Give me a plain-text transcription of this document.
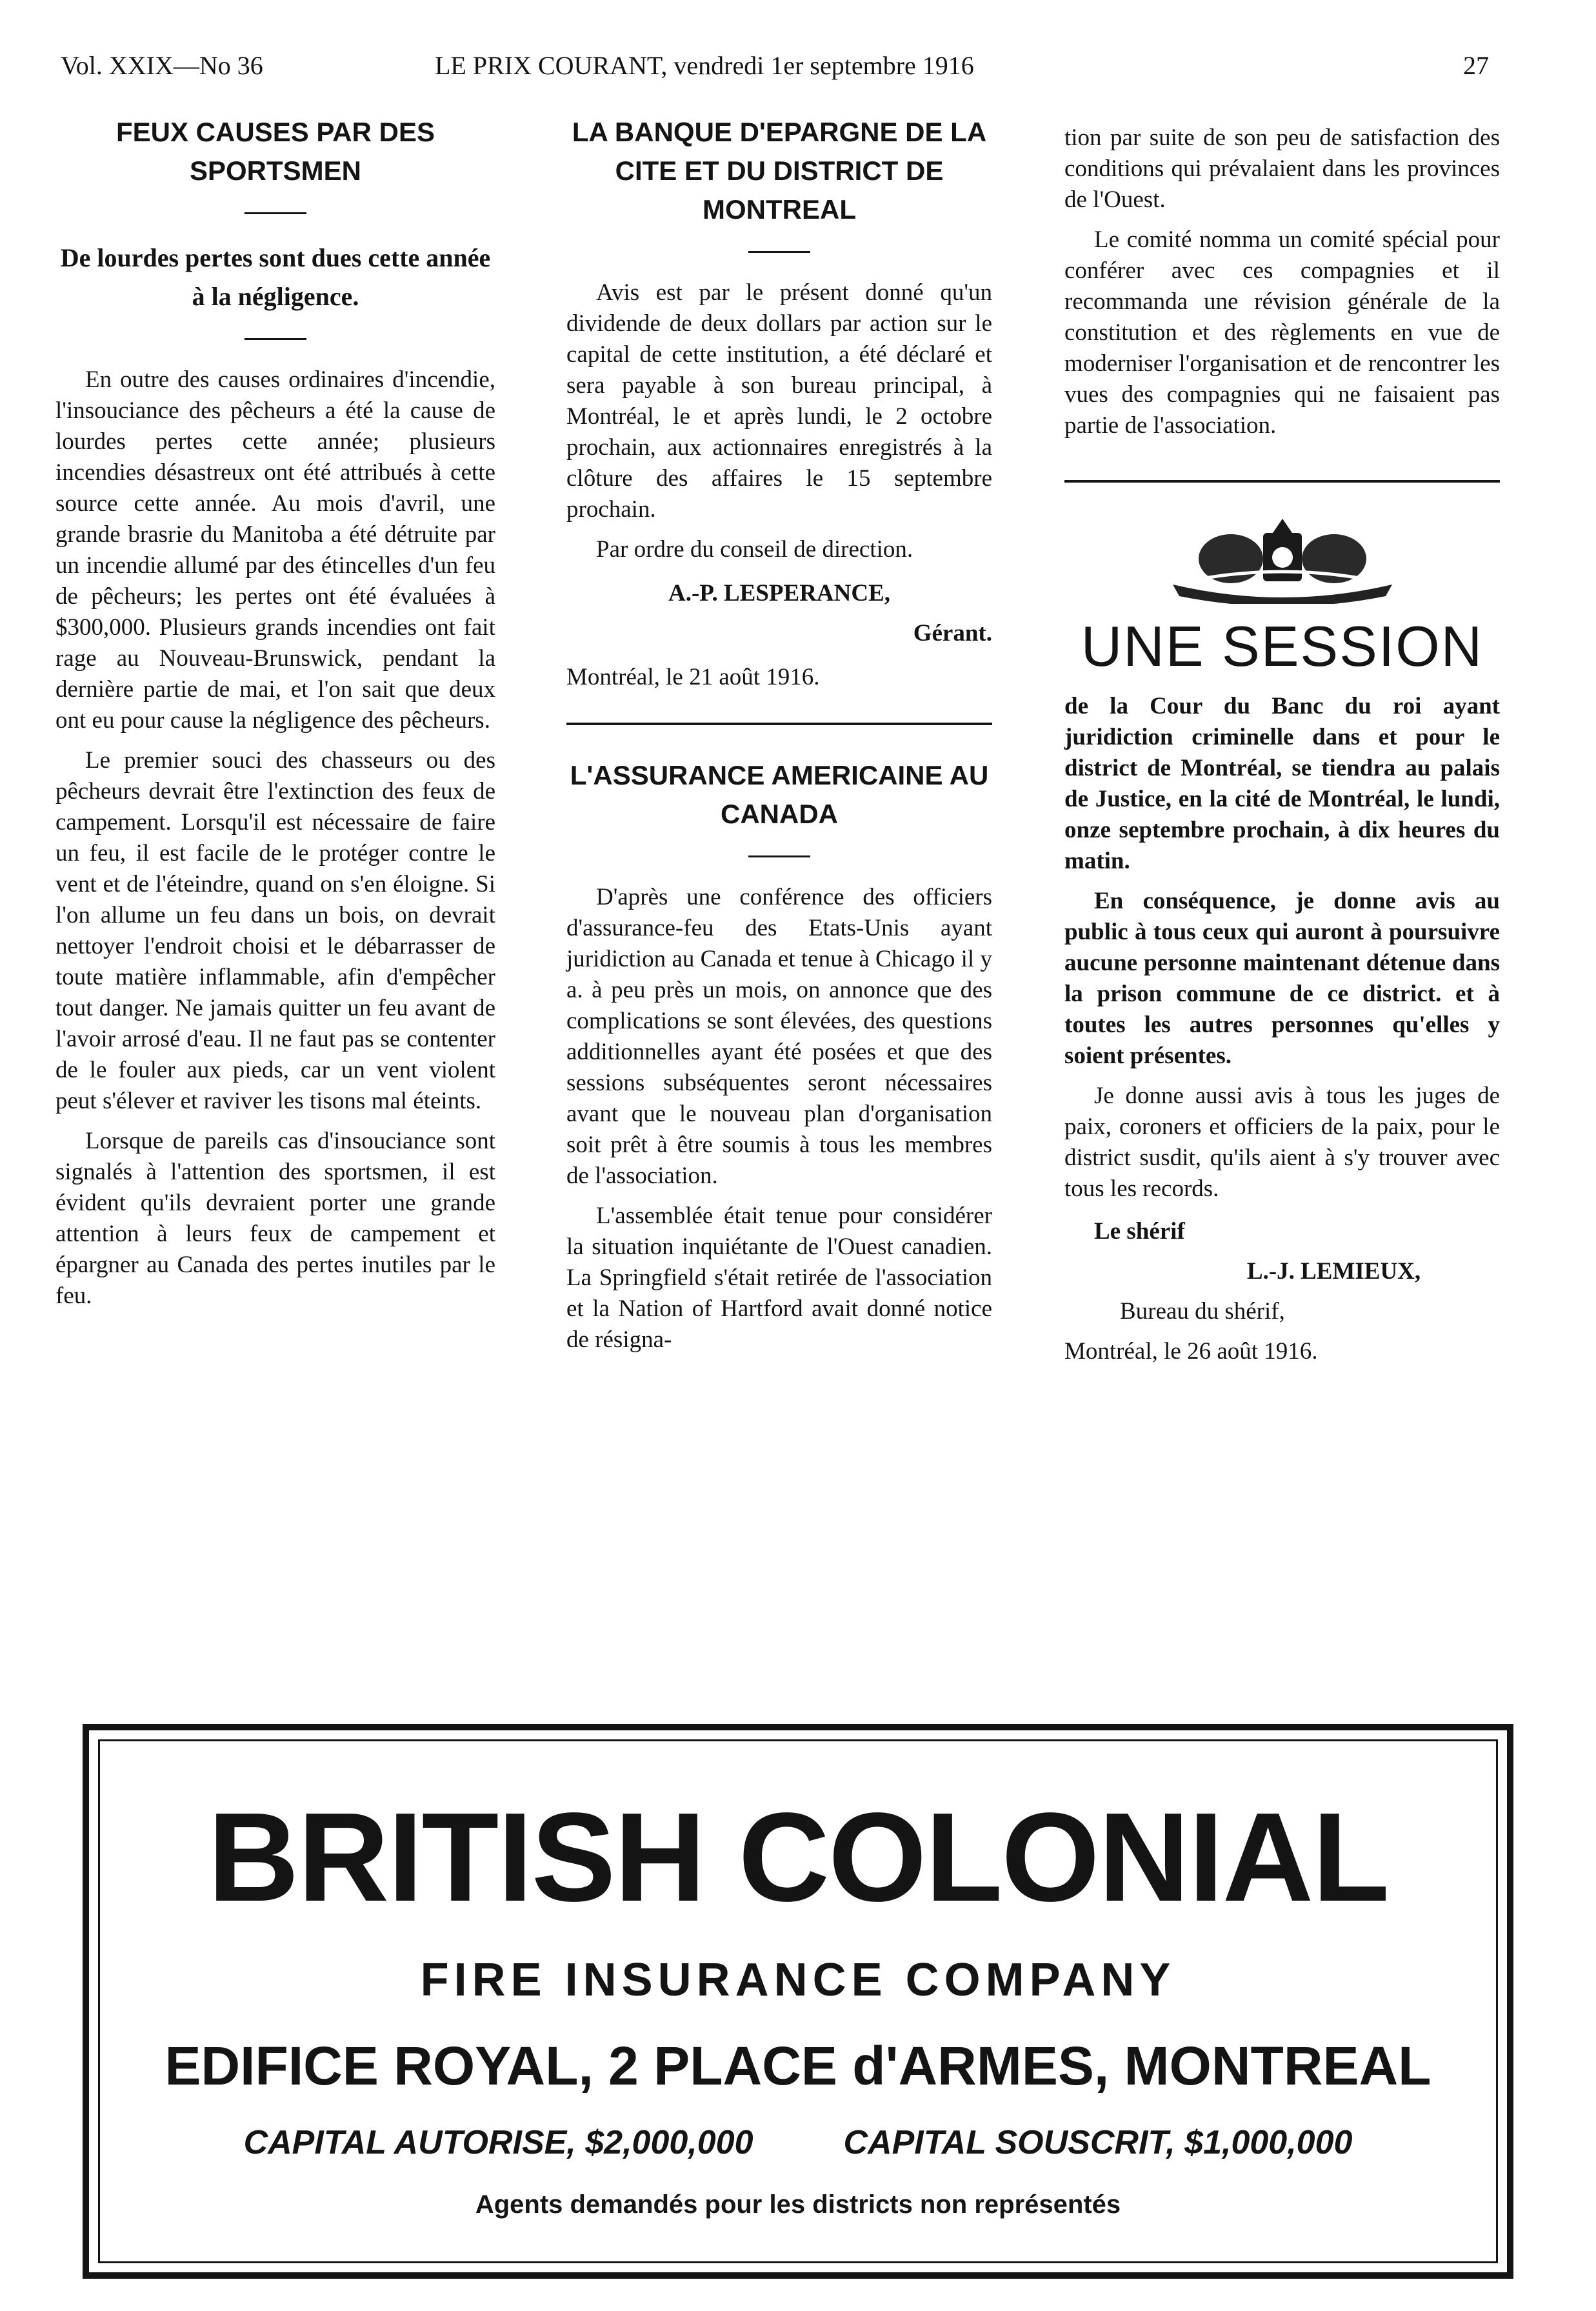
Vol. XXIX—No 36	LE PRIX COURANT, vendredi 1er septembre 1916	27
FEUX CAUSES PAR DES SPORTSMEN

De lourdes pertes sont dues cette année à la négligence.

En outre des causes ordinaires d'incendie, l'insouciance des pêcheurs a été la cause de lourdes pertes cette année; plusieurs incendies désastreux ont été attribués à cette source cette année. Au mois d'avril, une grande brasrie du Manitoba a été détruite par un incendie allumé par des étincelles d'un feu de pêcheurs; les pertes ont été évaluées à $300,000. Plusieurs grands incendies ont fait rage au Nouveau-Brunswick, pendant la dernière partie de mai, et l'on sait que deux ont eu pour cause la négligence des pêcheurs.

Le premier souci des chasseurs ou des pêcheurs devrait être l'extinction des feux de campement. Lorsqu'il est nécessaire de faire un feu, il est facile de le protéger contre le vent et de l'éteindre, quand on s'en éloigne. Si l'on allume un feu dans un bois, on devrait nettoyer l'endroit choisi et le débarrasser de toute matière inflammable, afin d'empêcher tout danger. Ne jamais quitter un feu avant de l'avoir arrosé d'eau. Il ne faut pas se contenter de le fouler aux pieds, car un vent violent peut s'élever et raviver les tisons mal éteints.

Lorsque de pareils cas d'insouciance sont signalés à l'attention des sportsmen, il est évident qu'ils devraient porter une grande attention à leurs feux de campement et épargner au Canada des pertes inutiles par le feu.

LA BANQUE D'EPARGNE DE LA CITE ET DU DISTRICT DE MONTREAL

Avis est par le présent donné qu'un dividende de deux dollars par action sur le capital de cette institution, a été déclaré et sera payable à son bureau principal, à Montréal, le et après lundi, le 2 octobre prochain, aux actionnaires enregistrés à la clôture des affaires le 15 septembre prochain.

Par ordre du conseil de direction.

A.-P. LESPERANCE,

Gérant.

Montréal, le 21 août 1916.

L'ASSURANCE AMERICAINE AU CANADA

D'après une conférence des officiers d'assurance-feu des Etats-Unis ayant juridiction au Canada et tenue à Chicago il y a. à peu près un mois, on annonce que des complications se sont élevées, des questions additionnelles ayant été posées et que des sessions subséquentes seront nécessaires avant que le nouveau plan d'organisation soit prêt à être soumis à tous les membres de l'association.

L'assemblée était tenue pour considérer la situation inquiétante de l'Ouest canadien. La Springfield s'était retirée de l'association et la Nation of Hartford avait donné notice de résigna-

tion par suite de son peu de satisfaction des conditions qui prévalaient dans les provinces de l'Ouest.

Le comité nomma un comité spécial pour conférer avec ces compagnies et il recommanda une révision générale de la constitution et des règlements en vue de moderniser l'organisation et de rencontrer les vues des compagnies qui ne faisaient pas partie de l'association.

UNE SESSION

de la Cour du Banc du roi ayant juridiction criminelle dans et pour le district de Montréal, se tiendra au palais de Justice, en la cité de Montréal, le lundi, onze septembre prochain, à dix heures du matin.

En conséquence, je donne avis au public à tous ceux qui auront à poursuivre aucune personne maintenant détenue dans la prison commune de ce district. et à toutes les autres personnes qu'elles y soient présentes.

Je donne aussi avis à tous les juges de paix, coroners et officiers de la paix, pour le district susdit, qu'ils aient à s'y trouver avec tous les records.

Le shérif

L.-J. LEMIEUX,

Bureau du shérif,

Montréal, le 26 août 1916.

BRITISH COLONIAL
FIRE INSURANCE COMPANY
EDIFICE ROYAL, 2 PLACE d'ARMES, MONTREAL
CAPITAL AUTORISE, $2,000,000	CAPITAL SOUSCRIT, $1,000,000
Agents demandés pour les districts non représentés
